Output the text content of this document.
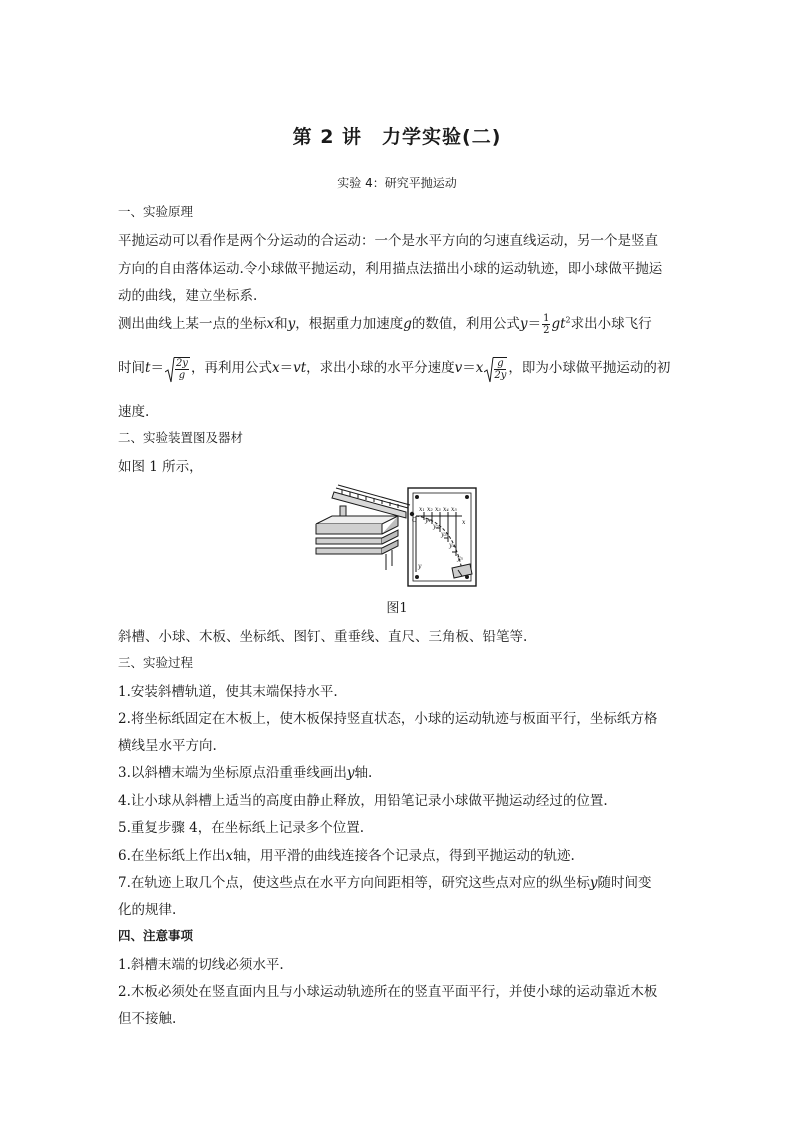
第 2 讲　力学实验(二)
实验 4：研究平抛运动
一、实验原理
平抛运动可以看作是两个分运动的合运动：一个是水平方向的匀速直线运动，另一个是竖直
方向的自由落体运动.令小球做平抛运动，利用描点法描出小球的运动轨迹，即小球做平抛运
动的曲线，建立坐标系.
测出曲线上某一点的坐标x和y，根据重力加速度g的数值，利用公式$y= \frac{1}{2} gt^2$求出小球飞行
时间$t= \frac{2y}{g}$ ，再利用公式x＝vt，求出小球的水平分速度$v=x \frac{g}{2y}$ ，即为小球做平抛运动的初
速度.
二、实验装置图及器材
如图 1 所示，
O	x
y
x₁ x₂ x₃ x₄ x₅
y₁
y₂
y₃
y₄
y₅
图1
斜槽、小球、木板、坐标纸、图钉、重垂线、直尺、三角板、铅笔等.
三、实验过程
1.安装斜槽轨道，使其末端保持水平.
2.将坐标纸固定在木板上，使木板保持竖直状态，小球的运动轨迹与板面平行，坐标纸方格
横线呈水平方向.
3.以斜槽末端为坐标原点沿重垂线画出y轴.
4.让小球从斜槽上适当的高度由静止释放，用铅笔记录小球做平抛运动经过的位置.
5.重复步骤 4，在坐标纸上记录多个位置.
6.在坐标纸上作出x轴，用平滑的曲线连接各个记录点，得到平抛运动的轨迹.
7.在轨迹上取几个点，使这些点在水平方向间距相等，研究这些点对应的纵坐标y随时间变
化的规律.
四、注意事项
1.斜槽末端的切线必须水平.
2.木板必须处在竖直面内且与小球运动轨迹所在的竖直平面平行，并使小球的运动靠近木板
但不接触.
